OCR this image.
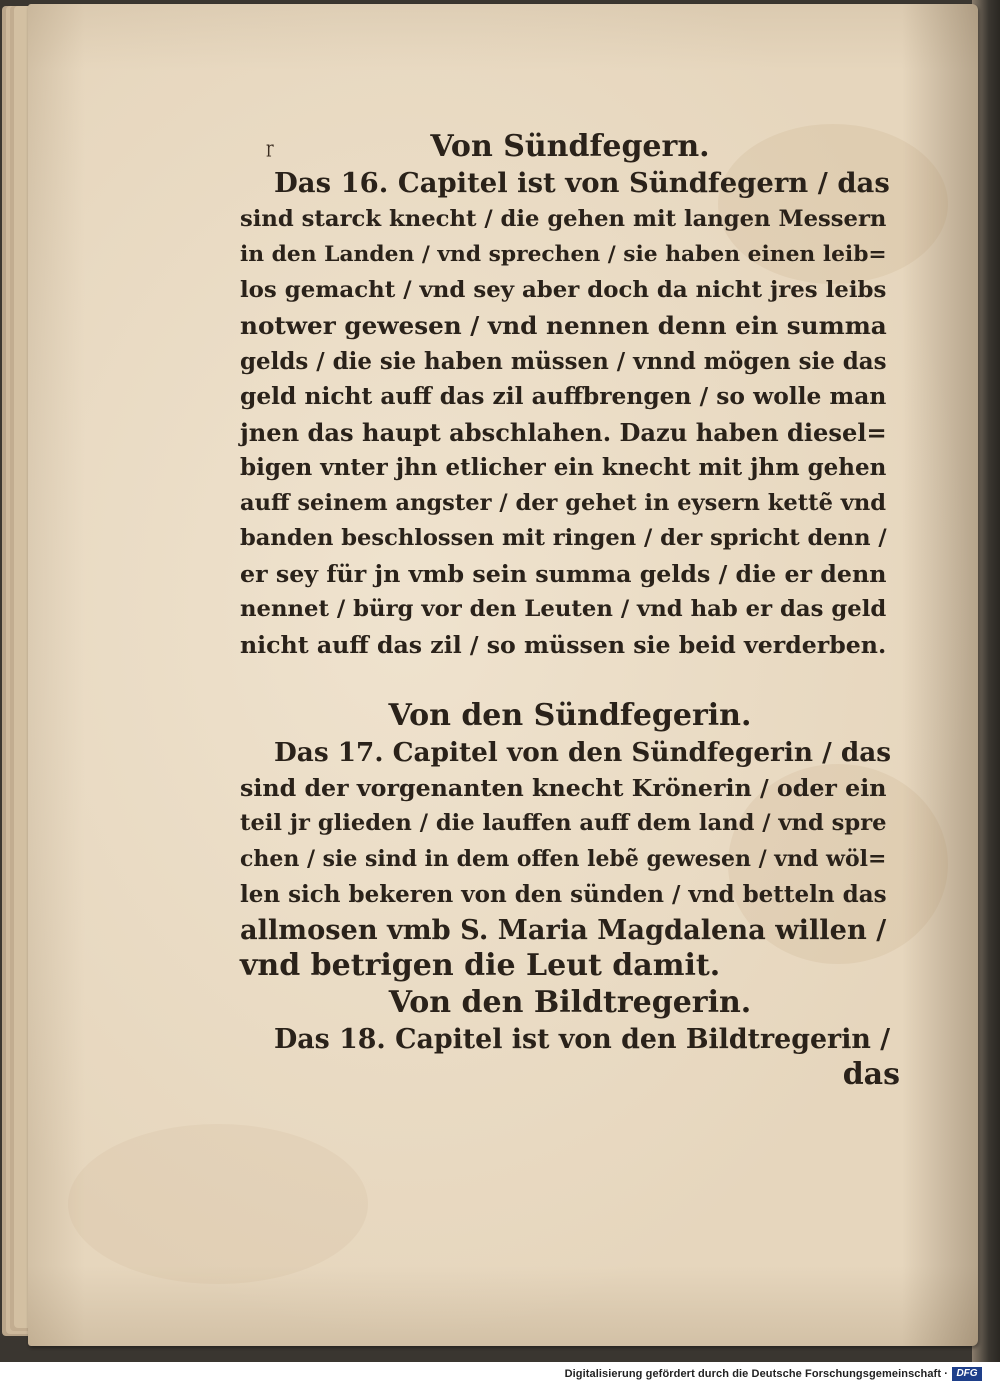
ɼ	Von Sündfegern.
Das 16. Capitel ist von Sündfegern / das
sind starck knecht / die gehen mit langen Messern
in den Landen / vnd sprechen / sie haben einen leib=
los gemacht / vnd sey aber doch da nicht jres leibs
notwer gewesen / vnd nennen denn ein summa
gelds / die sie haben müssen / vnnd mögen sie das
geld nicht auff das zil auffbrengen / so wolle man
jnen das haupt abschlahen. Dazu haben diesel=
bigen vnter jhn etlicher ein knecht mit jhm gehen
auff seinem angster / der gehet in eysern kettẽ vnd
banden beschlossen mit ringen / der spricht denn /
er sey für jn vmb sein summa gelds / die er denn
nennet / bürg vor den Leuten / vnd hab er das geld
nicht auff das zil / so müssen sie beid verderben.
Von den Sündfegerin.
Das 17. Capitel von den Sündfegerin / das
sind der vorgenanten knecht Krönerin / oder ein
teil jr glieden / die lauffen auff dem land / vnd spre
chen / sie sind in dem offen lebẽ gewesen / vnd wöl=
len sich bekeren von den sünden / vnd betteln das
allmosen vmb S. Maria Magdalena willen /
vnd betrigen die Leut damit.
Von den Bildtregerin.
Das 18. Capitel ist von den Bildtregerin /
das
Digitalisierung gefördert durch die Deutsche Forschungsgemeinschaft · DFG
